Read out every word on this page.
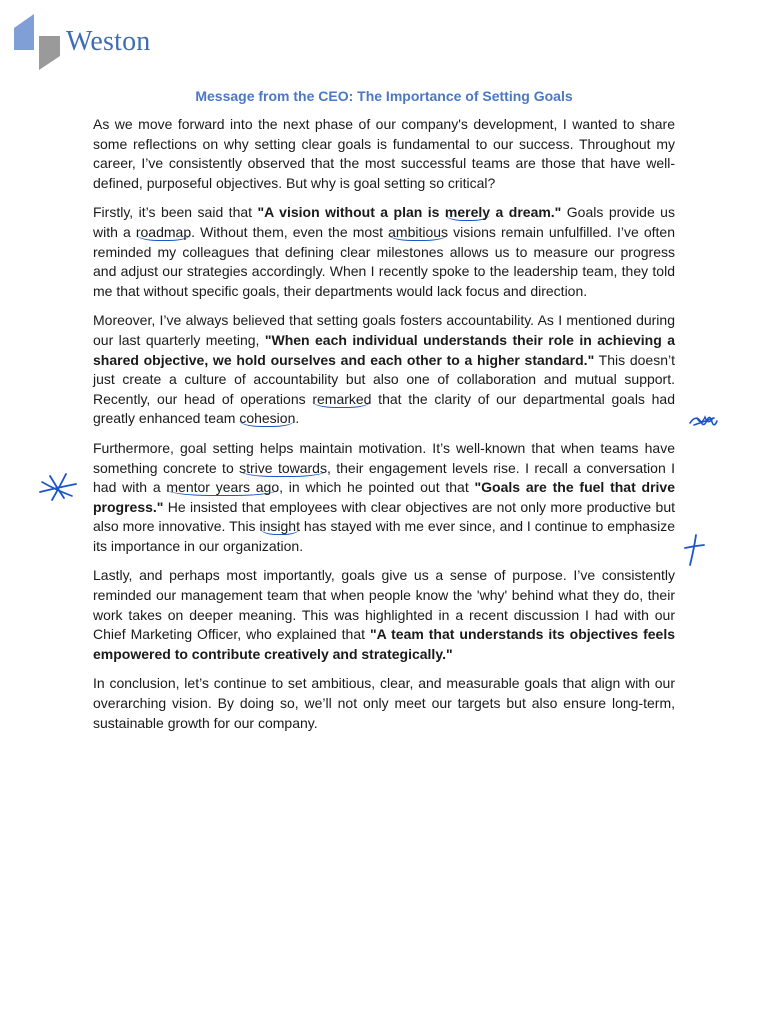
Weston
Message from the CEO: The Importance of Setting Goals

As we move forward into the next phase of our company's development, I wanted to share some reflections on why setting clear goals is fundamental to our success. Throughout my career, I’ve consistently observed that the most successful teams are those that have well-defined, purposeful objectives. But why is goal setting so critical?

Firstly, it’s been said that "A vision without a plan is merely a dream." Goals provide us with a roadmap. Without them, even the most ambitious visions remain unfulfilled. I’ve often reminded my colleagues that defining clear milestones allows us to measure our progress and adjust our strategies accordingly. When I recently spoke to the leadership team, they told me that without specific goals, their departments would lack focus and direction.

Moreover, I’ve always believed that setting goals fosters accountability. As I mentioned during our last quarterly meeting, "When each individual understands their role in achieving a shared objective, we hold ourselves and each other to a higher standard." This doesn’t just create a culture of accountability but also one of collaboration and mutual support. Recently, our head of operations remarked that the clarity of our departmental goals had greatly enhanced team cohesion.

Furthermore, goal setting helps maintain motivation. It’s well-known that when teams have something concrete to strive towards, their engagement levels rise. I recall a conversation I had with a mentor years ago, in which he pointed out that "Goals are the fuel that drive progress." He insisted that employees with clear objectives are not only more productive but also more innovative. This insight has stayed with me ever since, and I continue to emphasize its importance in our organization.

Lastly, and perhaps most importantly, goals give us a sense of purpose. I’ve consistently reminded our management team that when people know the 'why' behind what they do, their work takes on deeper meaning. This was highlighted in a recent discussion I had with our Chief Marketing Officer, who explained that "A team that understands its objectives feels empowered to contribute creatively and strategically."

In conclusion, let’s continue to set ambitious, clear, and measurable goals that align with our overarching vision. By doing so, we’ll not only meet our targets but also ensure long-term, sustainable growth for our company.
